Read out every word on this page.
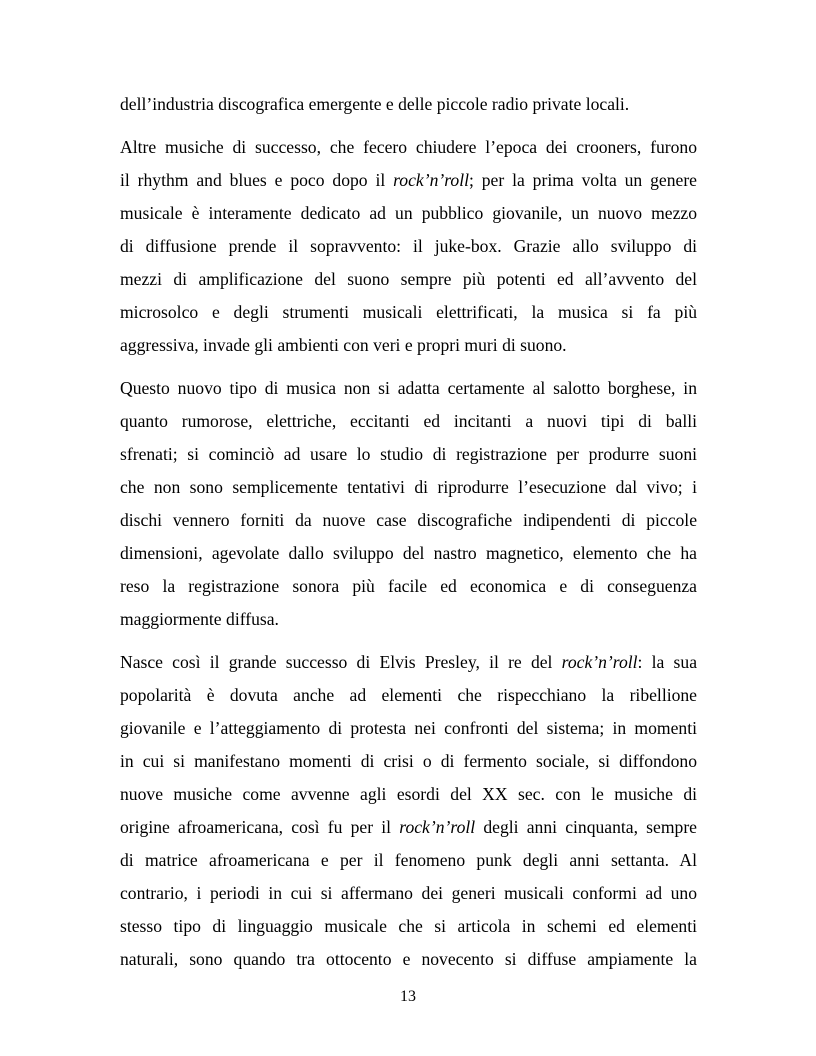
dell’industria discografica emergente e delle piccole radio private locali.
Altre musiche di successo, che fecero chiudere l’epoca dei crooners, furono
il rhythm and blues e poco dopo il rock’n’roll; per la prima volta un genere
musicale è interamente dedicato ad un pubblico giovanile, un nuovo mezzo
di diffusione prende il sopravvento: il juke-box. Grazie allo sviluppo di
mezzi di amplificazione del suono sempre più potenti ed all’avvento del
microsolco e degli strumenti musicali elettrificati, la musica si fa più
aggressiva, invade gli ambienti con veri e propri muri di suono.
Questo nuovo tipo di musica non si adatta certamente al salotto borghese, in
quanto rumorose, elettriche, eccitanti ed incitanti a nuovi tipi di balli
sfrenati; si cominciò ad usare lo studio di registrazione per produrre suoni
che non sono semplicemente tentativi di riprodurre l’esecuzione dal vivo; i
dischi vennero forniti da nuove case discografiche indipendenti di piccole
dimensioni, agevolate dallo sviluppo del nastro magnetico, elemento che ha
reso la registrazione sonora più facile ed economica e di conseguenza
maggiormente diffusa.
Nasce così il grande successo di Elvis Presley, il re del rock’n’roll: la sua
popolarità è dovuta anche ad elementi che rispecchiano la ribellione
giovanile e l’atteggiamento di protesta nei confronti del sistema; in momenti
in cui si manifestano momenti di crisi o di fermento sociale, si diffondono
nuove musiche come avvenne agli esordi del XX sec. con le musiche di
origine afroamericana, così fu per il rock’n’roll degli anni cinquanta, sempre
di matrice afroamericana e per il fenomeno punk degli anni settanta. Al
contrario, i periodi in cui si affermano dei generi musicali conformi ad uno
stesso tipo di linguaggio musicale che si articola in schemi ed elementi
naturali, sono quando tra ottocento e novecento si diffuse ampiamente la
13
